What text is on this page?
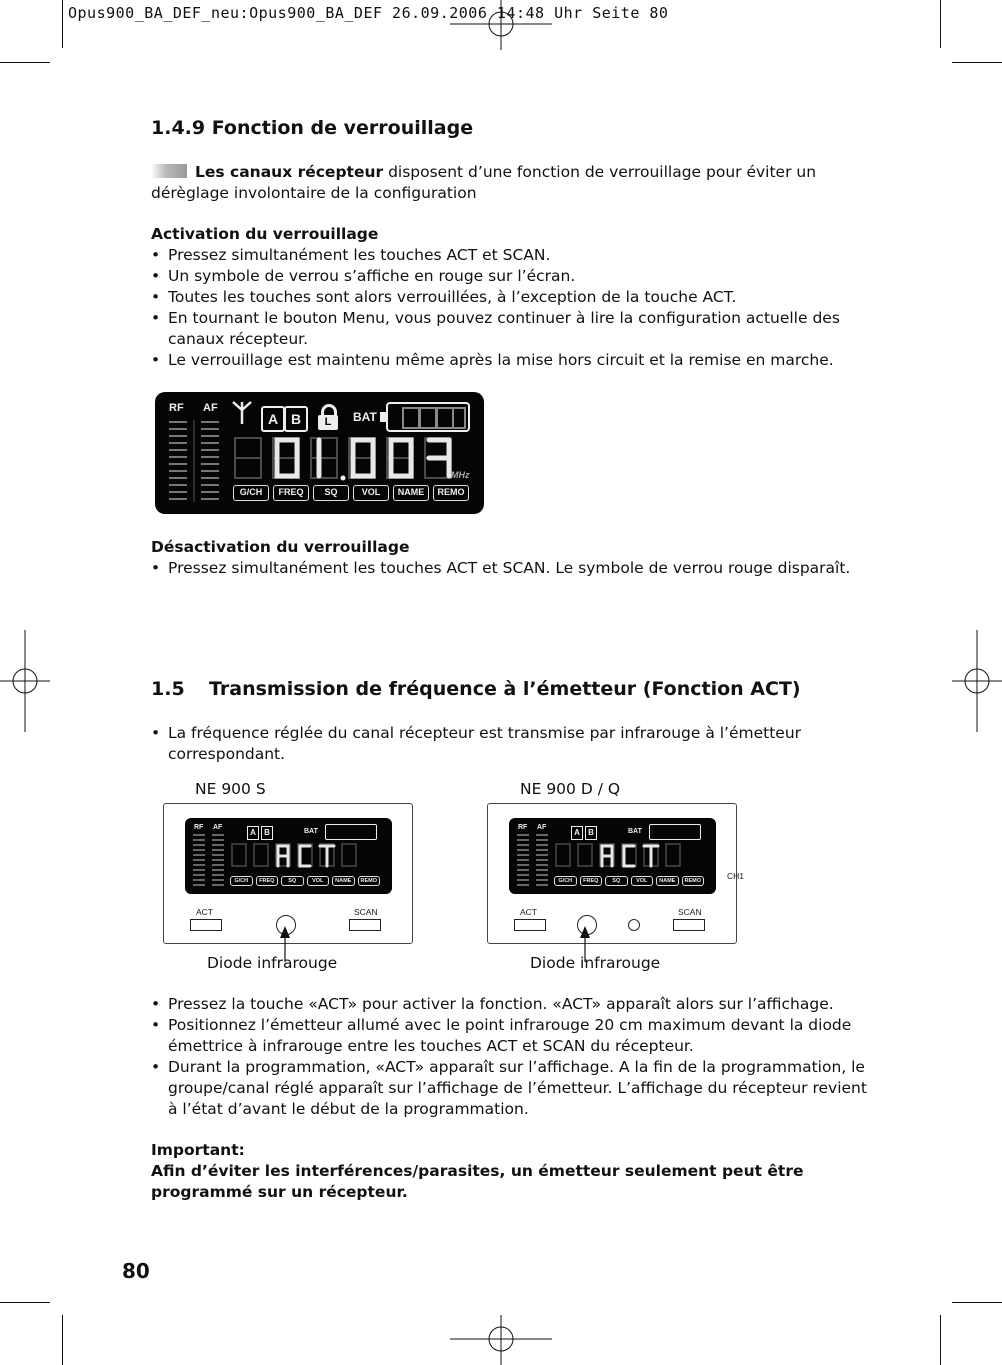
Opus900_BA_DEF_neu:Opus900_BA_DEF 26.09.2006 14:48 Uhr Seite 80
1.4.9 Fonction de verrouillage
Les canaux récepteur disposent d’une fonction de verrouillage pour éviter un dérèglage involontaire de la configuration
Activation du verrouillage
• Pressez simultanément les touches ACT et SCAN.
• Un symbole de verrou s’affiche en rouge sur l’écran.
• Toutes les touches sont alors verrouillées, à l’exception de la touche ACT.
• En tournant le bouton Menu, vous pouvez continuer à lire la configuration actuelle des canaux récepteur.
• Le verrouillage est maintenu même après la mise hors circuit et la remise en marche.
RF AF
A B	L	BAT
MHz
G/CH	FREQ	SQ	VOL	NAME	REMO
Désactivation du verrouillage
• Pressez simultanément les touches ACT et SCAN. Le symbole de verrou rouge disparaît.
1.5 Transmission de fréquence à l’émetteur (Fonction ACT)
• La fréquence réglée du canal récepteur est transmise par infrarouge à l’émetteur correspondant.
NE 900 S	NE 900 D / Q
RF AF
A	B	BAT
G/CH	FREQ	SQ	VOL	NAME	REMO
ACT	SCAN
RF AF
A	B	BAT
G/CH	FREQ	SQ	VOL	NAME	REMO	CH1
ACT	SCAN
Diode infrarouge	Diode infrarouge
• Pressez la touche «ACT» pour activer la fonction. «ACT» apparaît alors sur l’affichage.
• Positionnez l’émetteur allumé avec le point infrarouge 20 cm maximum devant la diode émettrice à infrarouge entre les touches ACT et SCAN du récepteur.
• Durant la programmation, «ACT» apparaît sur l’affichage. A la fin de la programmation, le groupe/canal réglé apparaît sur l’affichage de l’émetteur. L’affichage du récepteur revient à l’état d’avant le début de la programmation.
Important:
Afin d’éviter les interférences/parasites, un émetteur seulement peut être programmé sur un récepteur.
80
